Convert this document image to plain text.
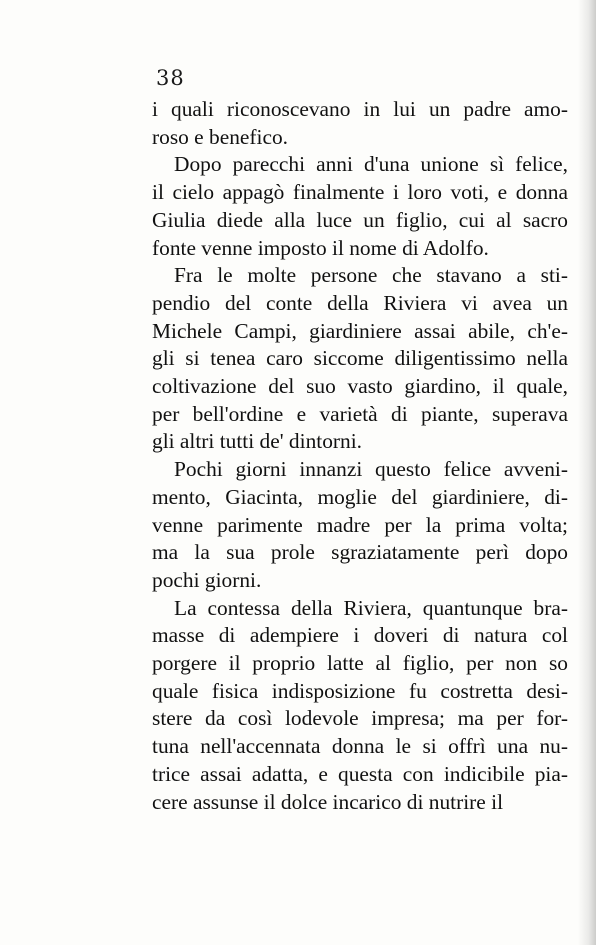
38
i quali riconoscevano in lui un padre amo-
roso e benefico.
Dopo parecchi anni d'una unione sì felice,
il cielo appagò finalmente i loro voti, e donna
Giulia diede alla luce un figlio, cui al sacro
fonte venne imposto il nome di Adolfo.
Fra le molte persone che stavano a sti-
pendio del conte della Riviera vi avea un
Michele Campi, giardiniere assai abile, ch'e-
gli si tenea caro siccome diligentissimo nella
coltivazione del suo vasto giardino, il quale,
per bell'ordine e varietà di piante, superava
gli altri tutti de' dintorni.
Pochi giorni innanzi questo felice avveni-
mento, Giacinta, moglie del giardiniere, di-
venne parimente madre per la prima volta;
ma la sua prole sgraziatamente perì dopo
pochi giorni.
La contessa della Riviera, quantunque bra-
masse di adempiere i doveri di natura col
porgere il proprio latte al figlio, per non so
quale fisica indisposizione fu costretta desi-
stere da così lodevole impresa; ma per for-
tuna nell'accennata donna le si offrì una nu-
trice assai adatta, e questa con indicibile pia-
cere assunse il dolce incarico di nutrire il
